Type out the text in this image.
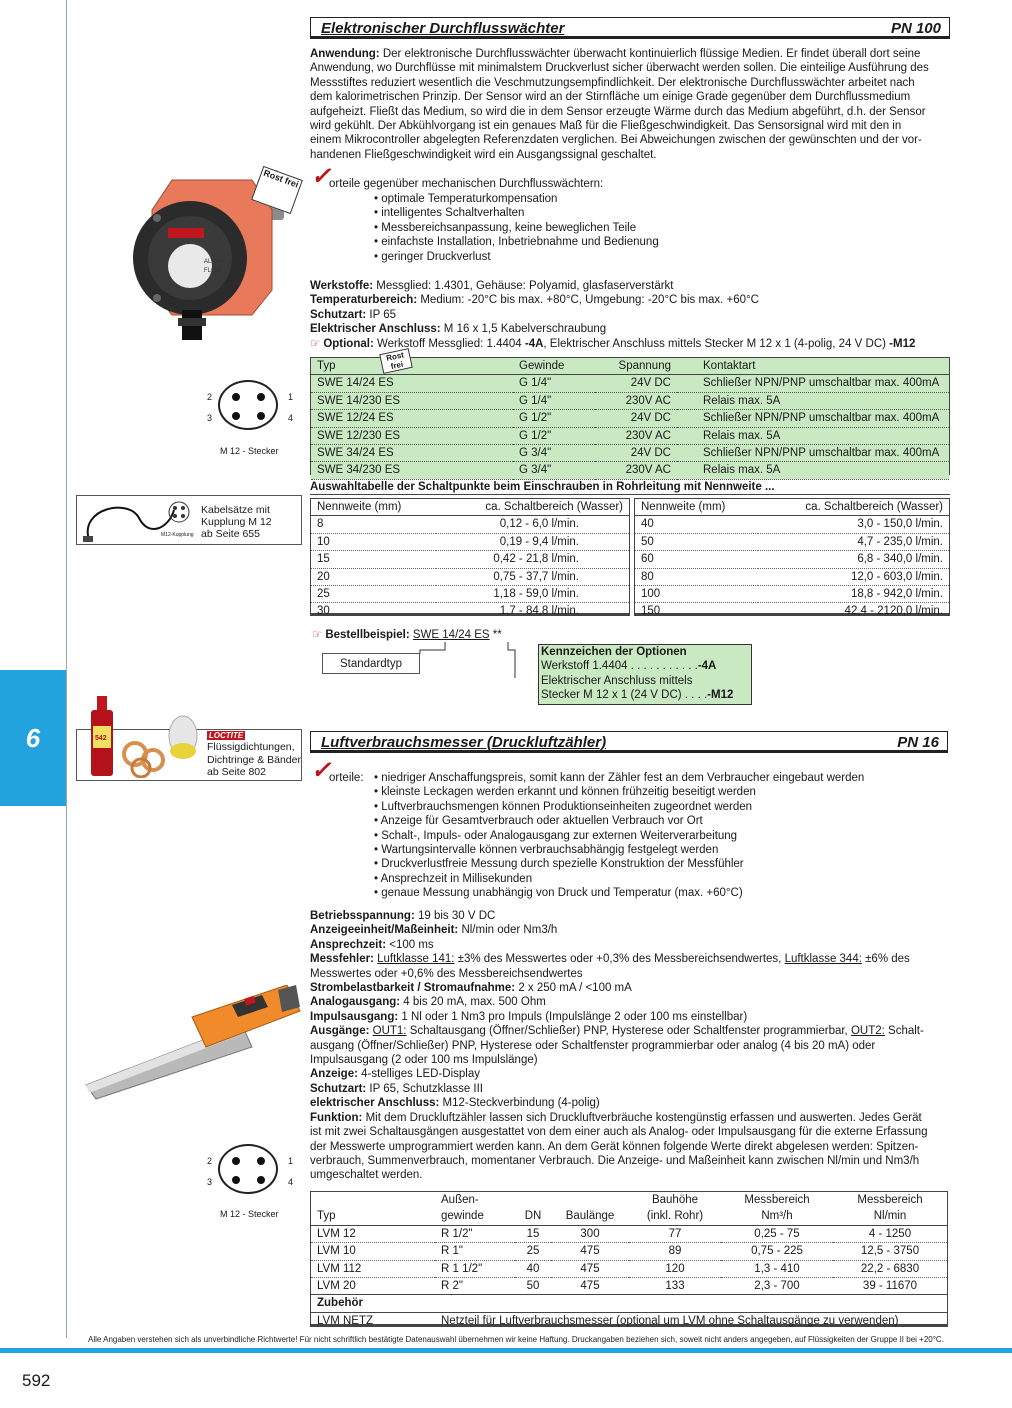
6
Elektronischer Durchflusswächter	PN 100
Anwendung: Der elektronische Durchflusswächter überwacht kontinuierlich flüssige Medien. Er findet überall dort seine
Anwendung, wo Durchflüsse mit minimalstem Druckverlust sicher überwacht werden sollen. Die einteilige Ausführung des
Messstiftes reduziert wesentlich die Veschmutzungsempfindlichkeit. Der elektronische Durchflusswächter arbeitet nach
dem kalorimetrischen Prinzip. Der Sensor wird an der Stirnfläche um einige Grade gegenüber dem Durchflussmedium
aufgeheizt. Fließt das Medium, so wird die in dem Sensor erzeugte Wärme durch das Medium abgeführt, d.h. der Sensor
wird gekühlt. Der Abkühlvorgang ist ein genaues Maß für die Fließgeschwindigkeit. Das Sensorsignal wird mit den in
einem Mikrocontroller abgelegten Referenzdaten verglichen. Bei Abweichungen zwischen der gewünschten und der vor-
handenen Fließgeschwindigkeit wird ein Ausgangssignal geschaltet.
ALARM
FLOW
Rost frei ✓
orteile gegenüber mechanischen Durchflusswächtern:
• optimale Temperaturkompensation
• intelligentes Schaltverhalten
• Messbereichsanpassung, keine beweglichen Teile
• einfachste Installation, Inbetriebnahme und Bedienung
• geringer Druckverlust
Werkstoffe: Messglied: 1.4301, Gehäuse: Polyamid, glasfaserverstärkt
Temperaturbereich: Medium: -20°C bis max. +80°C, Umgebung: -20°C bis max. +60°C
Schutzart: IP 65
Elektrischer Anschluss: M 16 x 1,5 Kabelverschraubung
☞ Optional: Werkstoff Messglied: 1.4404 -4A, Elektrischer Anschluss mittels Stecker M 12 x 1 (4-polig, 24 V DC) -M12
2	1
3	4
M 12 - Stecker
Rost frei
Typ	Gewinde	Spannung	Kontaktart
SWE 14/24 ES	G 1/4"	24V DC	Schließer NPN/PNP umschaltbar max. 400mA
SWE 14/230 ES	G 1/4"	230V AC	Relais max. 5A
SWE 12/24 ES	G 1/2"	24V DC	Schließer NPN/PNP umschaltbar max. 400mA
SWE 12/230 ES	G 1/2"	230V AC	Relais max. 5A
SWE 34/24 ES	G 3/4"	24V DC	Schließer NPN/PNP umschaltbar max. 400mA
SWE 34/230 ES	G 3/4"	230V AC	Relais max. 5A
Auswahltabelle der Schaltpunkte beim Einschrauben in Rohrleitung mit Nennweite ...
Nennweite (mm)	ca. Schaltbereich (Wasser)
8	0,12 - 6,0 l/min.
10	0,19 - 9,4 l/min.
15	0,42 - 21,8 l/min.
20	0,75 - 37,7 l/min.
25	1,18 - 59,0 l/min.
30	1,7 - 84,8 l/min.
Nennweite (mm)	ca. Schaltbereich (Wasser)
40	3,0 - 150,0 l/min.
50	4,7 - 235,0 l/min.
60	6,8 - 340,0 l/min.
80	12,0 - 603,0 l/min.
100	18,8 - 942,0 l/min.
150	42,4 - 2120,0 l/min.
M12-Kupplung
Kabelsätze mit
Kupplung M 12
ab Seite 655
☞ Bestellbeispiel: SWE 14/24 ES **
Standardtyp
Kennzeichen der Optionen
Werkstoff 1.4404 . . . . . . . . . . .-4A
Elektrischer Anschluss mittels
Stecker M 12 x 1 (24 V DC) . . . .-M12
542	LOCTITE
Flüssigdichtungen,
Dichtringe & Bänder
ab Seite 802
Luftverbrauchsmesser (Druckluftzähler)	PN 16
✓
orteile:	• niedriger Anschaffungspreis, somit kann der Zähler fest an dem Verbraucher eingebaut werden
• kleinste Leckagen werden erkannt und können frühzeitig beseitigt werden
• Luftverbrauchsmengen können Produktionseinheiten zugeordnet werden
• Anzeige für Gesamtverbrauch oder aktuellen Verbrauch vor Ort
• Schalt-, Impuls- oder Analogausgang zur externen Weiterverarbeitung
• Wartungsintervalle können verbrauchsabhängig festgelegt werden
• Druckverlustfreie Messung durch spezielle Konstruktion der Messfühler
• Ansprechzeit in Millisekunden
• genaue Messung unabhängig von Druck und Temperatur (max. +60°C)
Betriebsspannung: 19 bis 30 V DC
Anzeigeeinheit/Maßeinheit: Nl/min oder Nm3/h
Ansprechzeit: <100 ms
Messfehler: Luftklasse 141: ±3% des Messwertes oder +0,3% des Messbereichsendwertes, Luftklasse 344: ±6% des
Messwertes oder +0,6% des Messbereichsendwertes
Strombelastbarkeit / Stromaufnahme: 2 x 250 mA / <100 mA
Analogausgang: 4 bis 20 mA, max. 500 Ohm
Impulsausgang: 1 Nl oder 1 Nm3 pro Impuls (Impulslänge 2 oder 100 ms einstellbar)
Ausgänge: OUT1: Schaltausgang (Öffner/Schließer) PNP, Hysterese oder Schaltfenster programmierbar, OUT2: Schalt-
ausgang (Öffner/Schließer) PNP, Hysterese oder Schaltfenster programmierbar oder analog (4 bis 20 mA) oder
Impulsausgang (2 oder 100 ms Impulslänge)
Anzeige: 4-stelliges LED-Display
Schutzart: IP 65, Schutzklasse III
elektrischer Anschluss: M12-Steckverbindung (4-polig)
Funktion: Mit dem Druckluftzähler lassen sich Druckluftverbräuche kostengünstig erfassen und auswerten. Jedes Gerät
ist mit zwei Schaltausgängen ausgestattet von dem einer auch als Analog- oder Impulsausgang für die externe Erfassung
der Messwerte umprogrammiert werden kann. An dem Gerät können folgende Werte direkt abgelesen werden: Spitzen-
verbrauch, Summenverbrauch, momentaner Verbrauch. Die Anzeige- und Maßeinheit kann zwischen Nl/min und Nm3/h
umgeschaltet werden.
2	1
3	4
M 12 - Stecker
	Außen-			Bauhöhe	Messbereich	Messbereich
Typ	gewinde	DN	Baulänge	(inkl. Rohr)	Nm³/h	Nl/min
LVM 12	R 1/2"	15	300	77	0,25 - 75	4 - 1250
LVM 10	R 1"	25	475	89	0,75 - 225	12,5 - 3750
LVM 112	R 1 1/2"	40	475	120	1,3 - 410	22,2 - 6830
LVM 20	R 2"	50	475	133	2,3 - 700	39 - 11670
Zubehör						
LVM NETZ	Netzteil für Luftverbrauchsmesser (optional um LVM ohne Schaltausgänge zu verwenden)					
Alle Angaben verstehen sich als unverbindliche Richtwerte! Für nicht schriftlich bestätigte Datenauswahl übernehmen wir keine Haftung. Druckangaben beziehen sich, soweit nicht anders angegeben, auf Flüssigkeiten der Gruppe II bei +20°C.
592
